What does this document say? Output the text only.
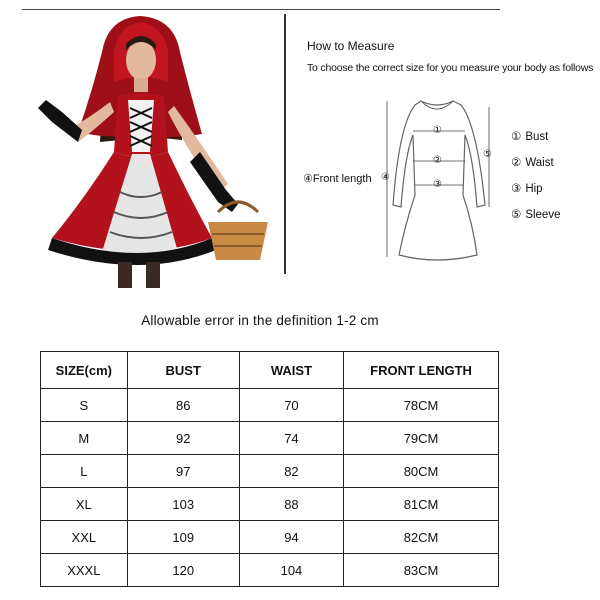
How to Measure
To choose the correct size for you measure your body as follows
①
②
③
④
⑤
④Front length
① Bust
② Waist
③ Hip
⑤ Sleeve
Allowable error in the definition 1-2 cm
SIZE(cm)	BUST	WAIST	FRONT LENGTH
S	86	70	78CM
M	92	74	79CM
L	97	82	80CM
XL	103	88	81CM
XXL	109	94	82CM
XXXL	120	104	83CM
